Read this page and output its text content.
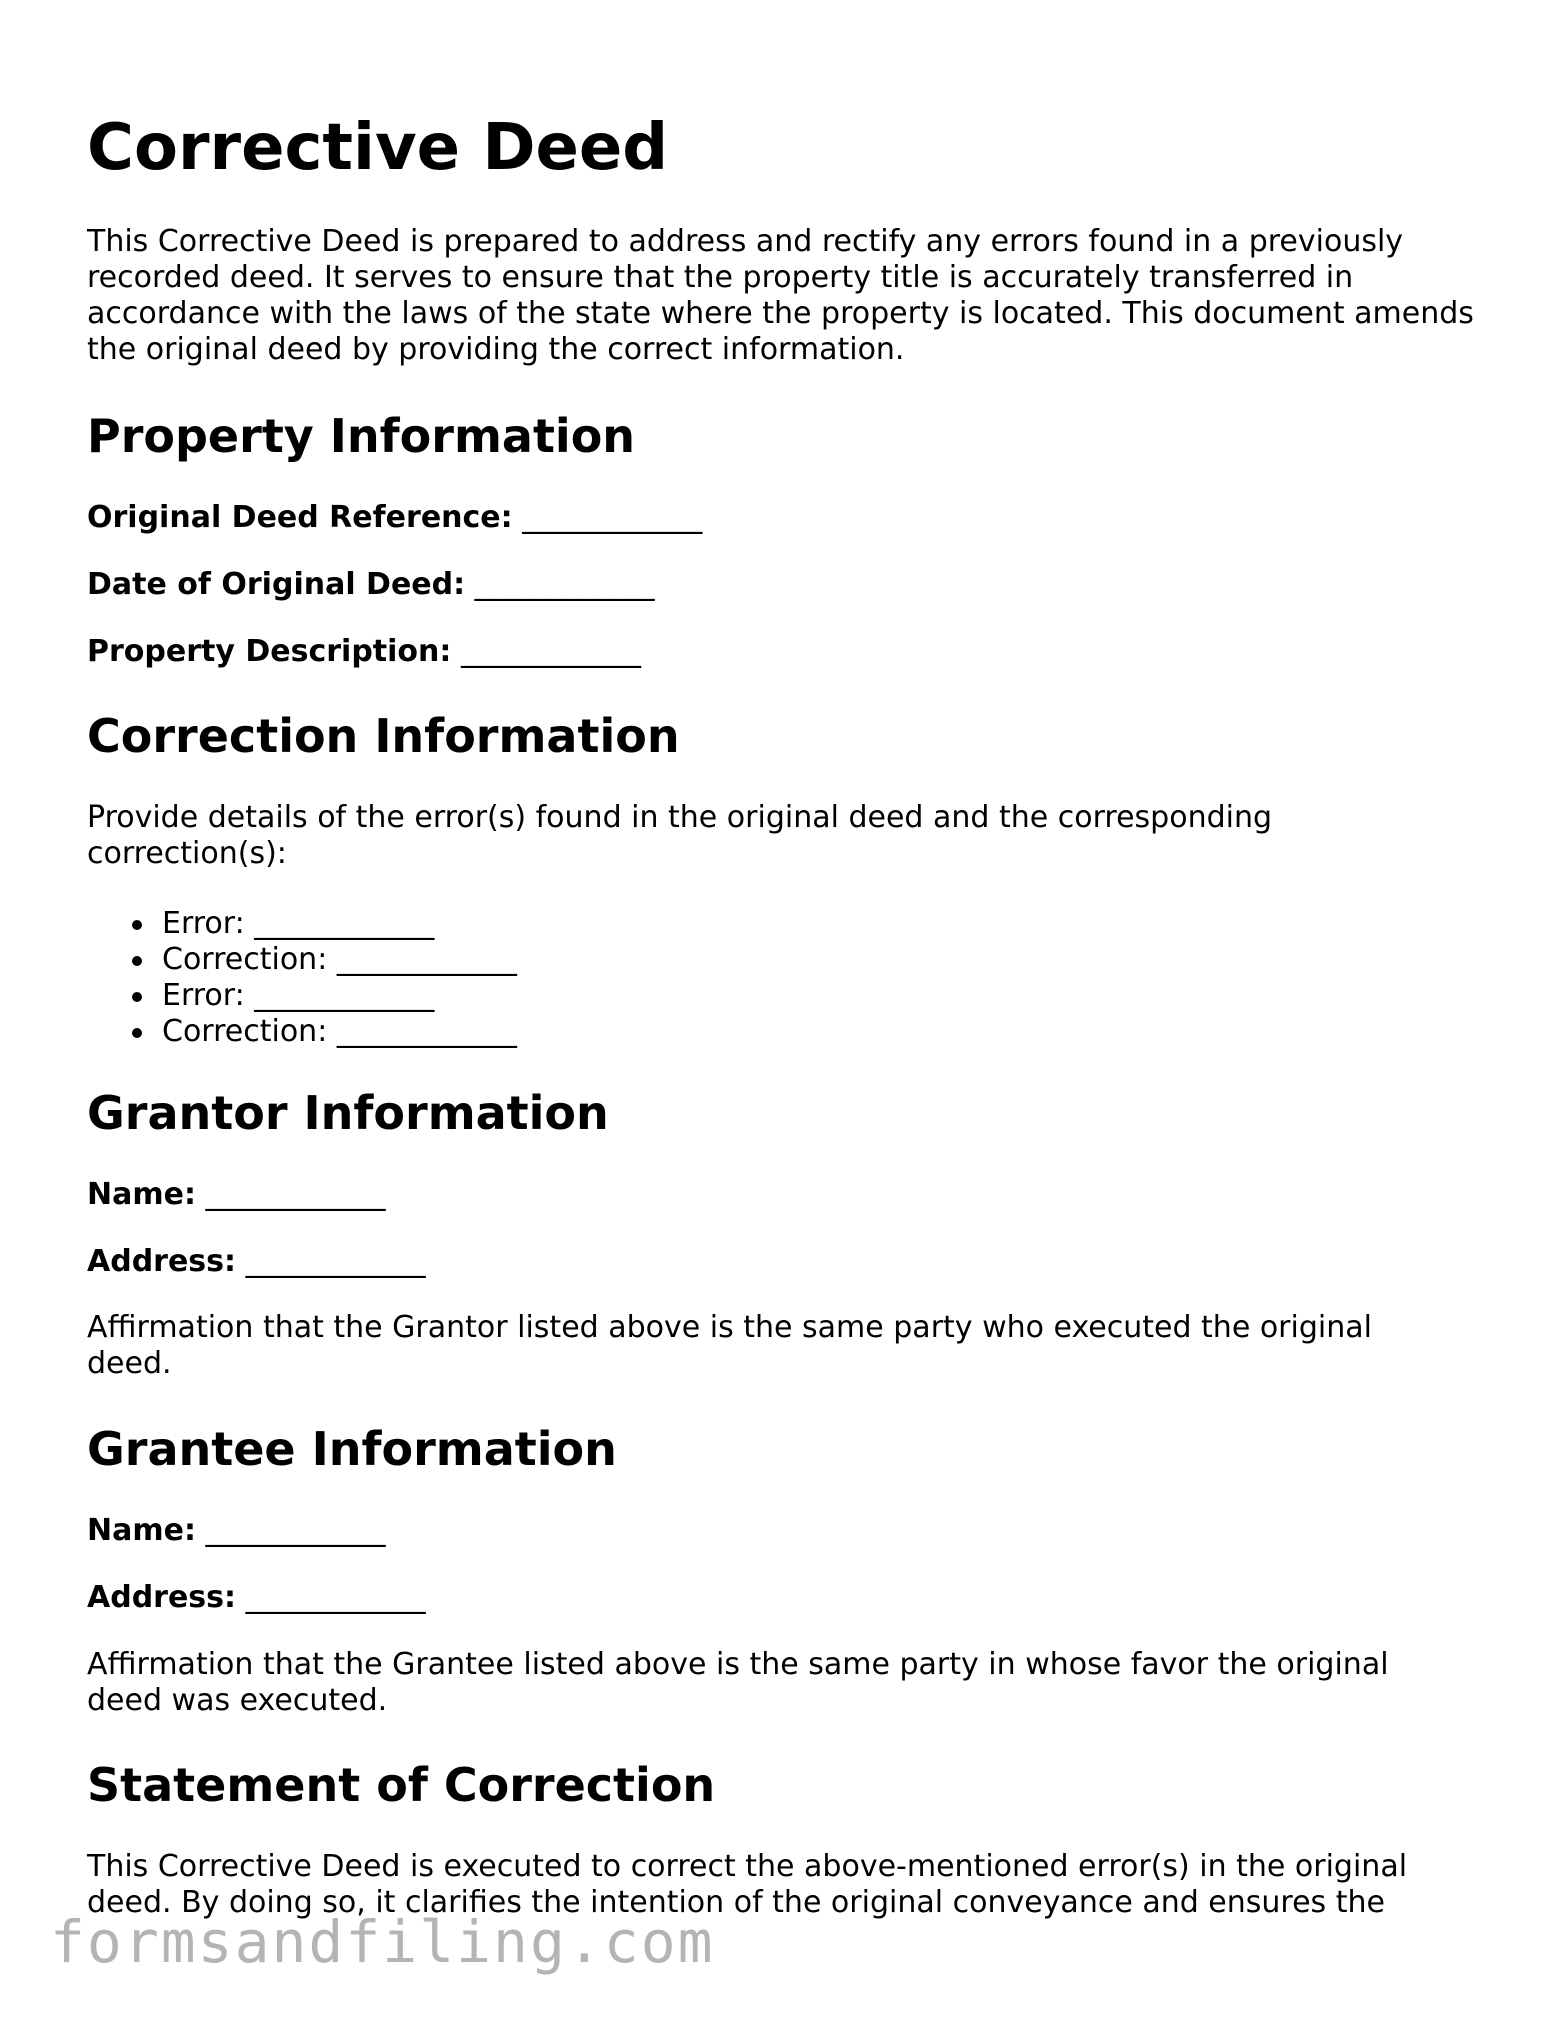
Corrective Deed

This Corrective Deed is prepared to address and rectify any errors found in a previously recorded deed. It serves to ensure that the property title is accurately transferred in accordance with the laws of the state where the property is located. This document amends the original deed by providing the correct information.

Property Information
Original Deed Reference: ____________
Date of Original Deed: ____________
Property Description: ____________
Correction Information

Provide details of the error(s) found in the original deed and the corresponding correction(s):

Error: ____________
Correction: ____________
Error: ____________
Correction: ____________
Grantor Information
Name: ____________
Address: ____________

Affirmation that the Grantor listed above is the same party who executed the original deed.

Grantee Information
Name: ____________
Address: ____________

Affirmation that the Grantee listed above is the same party in whose favor the original deed was executed.

Statement of Correction

This Corrective Deed is executed to correct the above-mentioned error(s) in the original deed. By doing so, it clarifies the intention of the original conveyance and ensures the

formsandfiling.com
